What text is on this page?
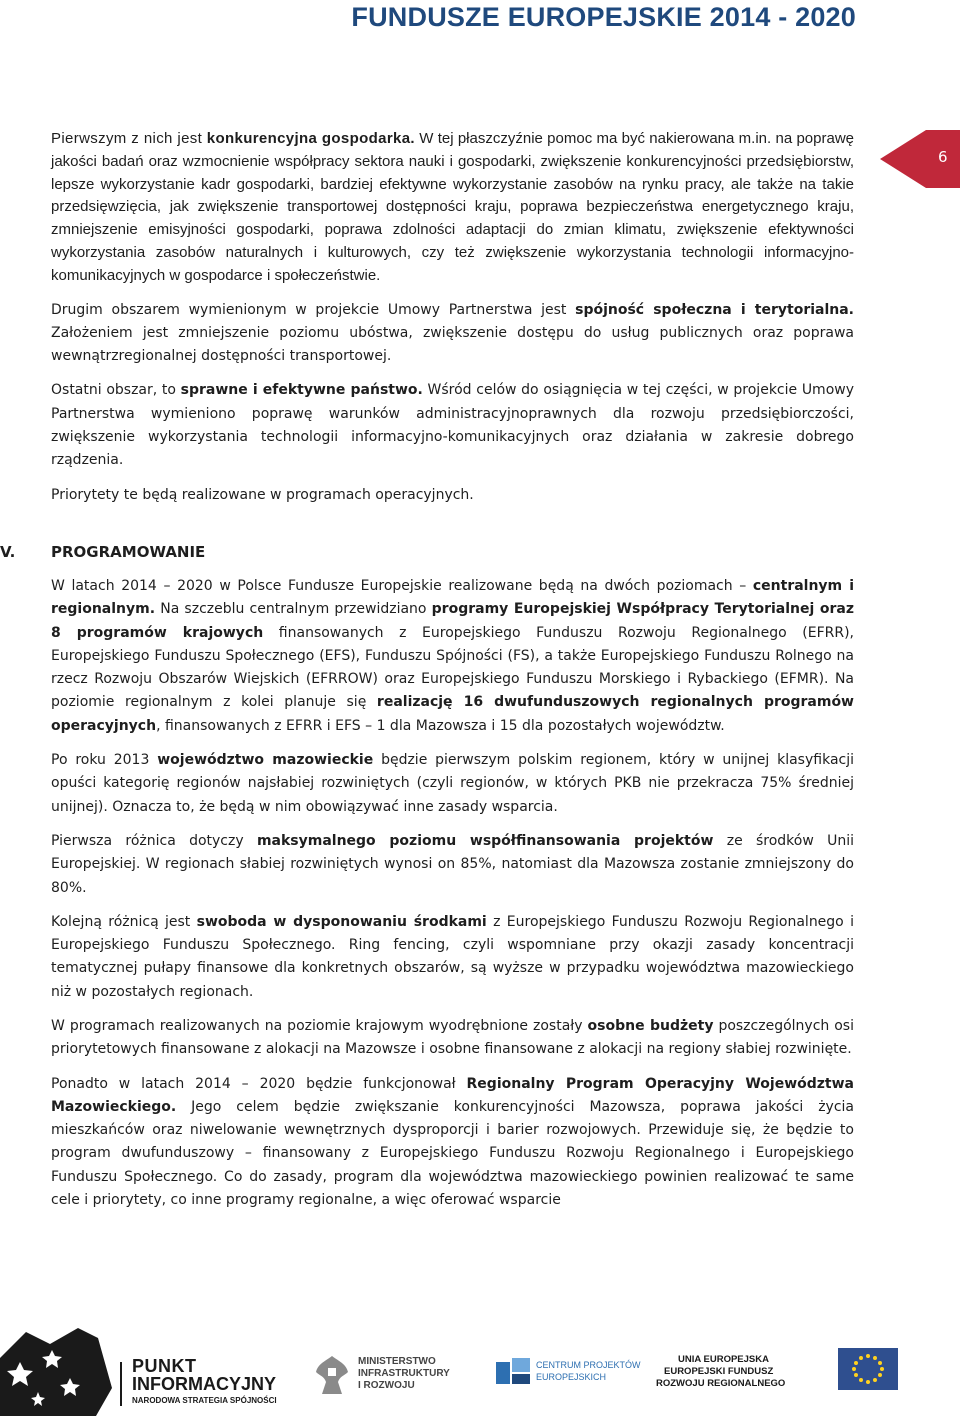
FUNDUSZE EUROPEJSKIE 2014 - 2020
6

Pierwszym z nich jest konkurencyjna gospodarka. W tej płaszczyźnie pomoc ma być nakierowana m.in. na poprawę jakości badań oraz wzmocnienie współpracy sektora nauki i gospodarki, zwiększenie konkurencyjności przedsiębiorstw, lepsze wykorzystanie kadr gospodarki, bardziej efektywne wykorzystanie zasobów na rynku pracy, ale także na takie przedsięwzięcia, jak zwiększenie transportowej dostępności kraju, poprawa bezpieczeństwa energetycznego kraju, zmniejszenie emisyjności gospodarki, poprawa zdolności adaptacji do zmian klimatu, zwiększenie efektywności wykorzystania zasobów naturalnych i kulturowych, czy też zwiększenie wykorzystania technologii informacyjno-komunikacyjnych w gospodarce i społeczeństwie.

Drugim obszarem wymienionym w projekcie Umowy Partnerstwa jest spójność społeczna i terytorialna. Założeniem jest zmniejszenie poziomu ubóstwa, zwiększenie dostępu do usług publicznych oraz poprawa wewnątrzregionalnej dostępności transportowej.

Ostatni obszar, to sprawne i efektywne państwo. Wśród celów do osiągnięcia w tej części, w projekcie Umowy Partnerstwa wymieniono poprawę warunków administracyjnoprawnych dla rozwoju przedsiębiorczości, zwiększenie wykorzystania technologii informacyjno-komunikacyjnych oraz działania w zakresie dobrego rządzenia.

Priorytety te będą realizowane w programach operacyjnych.

V.	PROGRAMOWANIE

W latach 2014 – 2020 w Polsce Fundusze Europejskie realizowane będą na dwóch poziomach – centralnym i regionalnym. Na szczeblu centralnym przewidziano programy Europejskiej Współpracy Terytorialnej oraz 8 programów krajowych finansowanych z Europejskiego Funduszu Rozwoju Regionalnego (EFRR), Europejskiego Funduszu Społecznego (EFS), Funduszu Spójności (FS), a także Europejskiego Funduszu Rolnego na rzecz Rozwoju Obszarów Wiejskich (EFRROW) oraz Europejskiego Funduszu Morskiego i Rybackiego (EFMR). Na poziomie regionalnym z kolei planuje się realizację 16 dwufunduszowych regionalnych programów operacyjnych, finansowanych z EFRR i EFS – 1 dla Mazowsza i 15 dla pozostałych województw.

Po roku 2013 województwo mazowieckie będzie pierwszym polskim regionem, który w unijnej klasyfikacji opuści kategorię regionów najsłabiej rozwiniętych (czyli regionów, w których PKB nie przekracza 75% średniej unijnej). Oznacza to, że będą w nim obowiązywać inne zasady wsparcia.

Pierwsza różnica dotyczy maksymalnego poziomu współfinansowania projektów ze środków Unii Europejskiej. W regionach słabiej rozwiniętych wynosi on 85%, natomiast dla Mazowsza zostanie zmniejszony do 80%.

Kolejną różnicą jest swoboda w dysponowaniu środkami z Europejskiego Funduszu Rozwoju Regionalnego i Europejskiego Funduszu Społecznego. Ring fencing, czyli wspomniane przy okazji zasady koncentracji tematycznej pułapy finansowe dla konkretnych obszarów, są wyższe w przypadku województwa mazowieckiego niż w pozostałych regionach.

W programach realizowanych na poziomie krajowym wyodrębnione zostały osobne budżety poszczególnych osi priorytetowych finansowane z alokacji na Mazowsze i osobne finansowane z alokacji na regiony słabiej rozwinięte.

Ponadto w latach 2014 – 2020 będzie funkcjonował Regionalny Program Operacyjny Województwa Mazowieckiego. Jego celem będzie zwiększanie konkurencyjności Mazowsza, poprawa jakości życia mieszkańców oraz niwelowanie wewnętrznych dysproporcji i barier rozwojowych. Przewiduje się, że będzie to program dwufunduszowy – finansowany z Europejskiego Funduszu Rozwoju Regionalnego i Europejskiego Funduszu Społecznego. Co do zasady, program dla województwa mazowieckiego powinien realizować te same cele i priorytety, co inne programy regionalne, a więc oferować wsparcie

PUNKT
INFORMACYJNY
NARODOWA STRATEGIA SPÓJNOŚCI
MINISTERSTWO
INFRASTRUKTURY
I ROZWOJU
CENTRUM PROJEKTÓW
EUROPEJSKICH
UNIA EUROPEJSKA
EUROPEJSKI FUNDUSZ
ROZWOJU REGIONALNEGO
